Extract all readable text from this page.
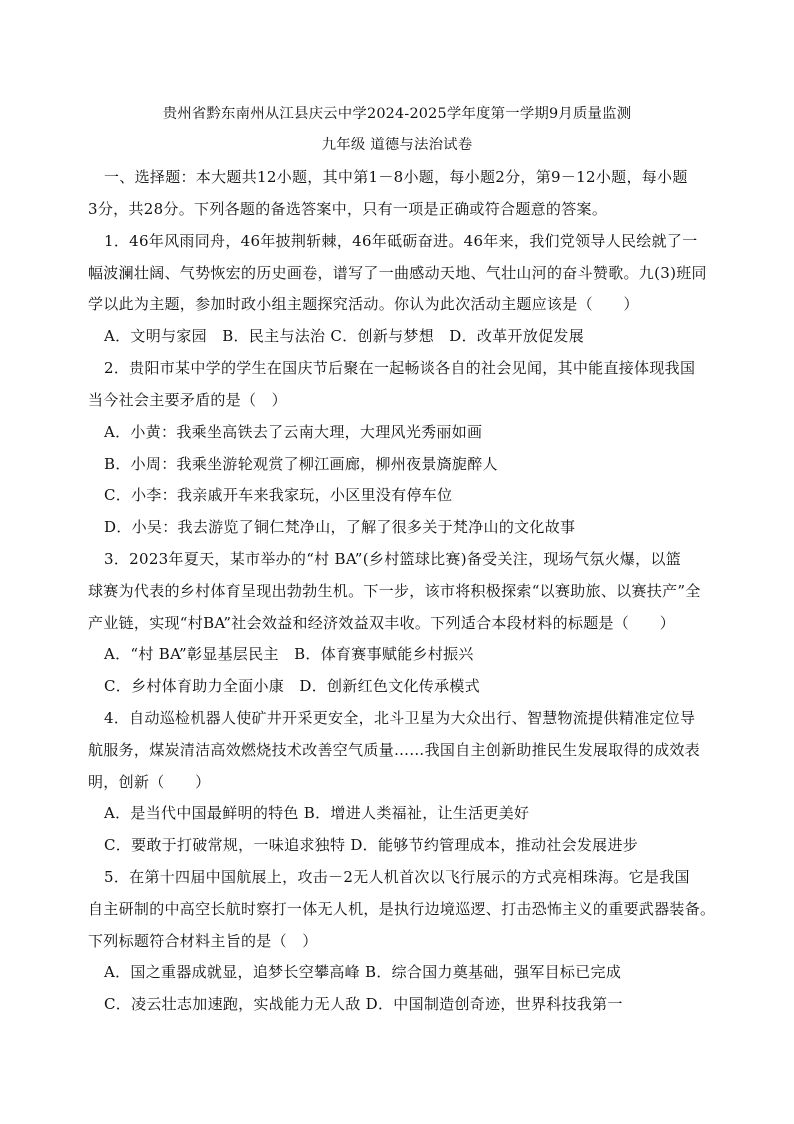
贵州省黔东南州从江县庆云中学2024-2025学年度第一学期9月质量监测
九年级 道德与法治试卷
一、选择题：本大题共12小题，其中第1－8小题，每小题2分，第9－12小题，每小题
3分，共28分。下列各题的备选答案中，只有一项是正确或符合题意的答案。
1．46年风雨同舟，46年披荆斩棘，46年砥砺奋进。46年来，我们党领导人民绘就了一
幅波澜壮阔、气势恢宏的历史画卷，谱写了一曲感动天地、气壮山河的奋斗赞歌。九(3)班同
学以此为主题，参加时政小组主题探究活动。你认为此次活动主题应该是（　　）
A．文明与家园　B．民主与法治 C．创新与梦想　D．改革开放促发展
2．贵阳市某中学的学生在国庆节后聚在一起畅谈各自的社会见闻，其中能直接体现我国
当今社会主要矛盾的是（　）
A．小黄：我乘坐高铁去了云南大理，大理风光秀丽如画
B．小周：我乘坐游轮观赏了柳江画廊，柳州夜景旖旎醉人
C．小李：我亲戚开车来我家玩，小区里没有停车位
D．小吴：我去游览了铜仁梵净山，了解了很多关于梵净山的文化故事
3．2023年夏天，某市举办的“村 BA”(乡村篮球比赛)备受关注，现场气氛火爆，以篮
球赛为代表的乡村体育呈现出勃勃生机。下一步，该市将积极探索“以赛助旅、以赛扶产”全
产业链，实现“村BA”社会效益和经济效益双丰收。下列适合本段材料的标题是（　　）
A．“村 BA”彰显基层民主　B．体育赛事赋能乡村振兴
C．乡村体育助力全面小康　D．创新红色文化传承模式
4．自动巡检机器人使矿井开采更安全，北斗卫星为大众出行、智慧物流提供精准定位导
航服务，煤炭清洁高效燃烧技术改善空气质量……我国自主创新助推民生发展取得的成效表
明，创新（　　）
A．是当代中国最鲜明的特色 B．增进人类福祉，让生活更美好
C．要敢于打破常规，一味追求独特 D．能够节约管理成本，推动社会发展进步
5．在第十四届中国航展上，攻击－2无人机首次以飞行展示的方式亮相珠海。它是我国
自主研制的中高空长航时察打一体无人机，是执行边境巡逻、打击恐怖主义的重要武器装备。
下列标题符合材料主旨的是（　）
A．国之重器成就显，追梦长空攀高峰 B．综合国力奠基础，强军目标已完成
C．凌云壮志加速跑，实战能力无人敌 D．中国制造创奇迹，世界科技我第一
